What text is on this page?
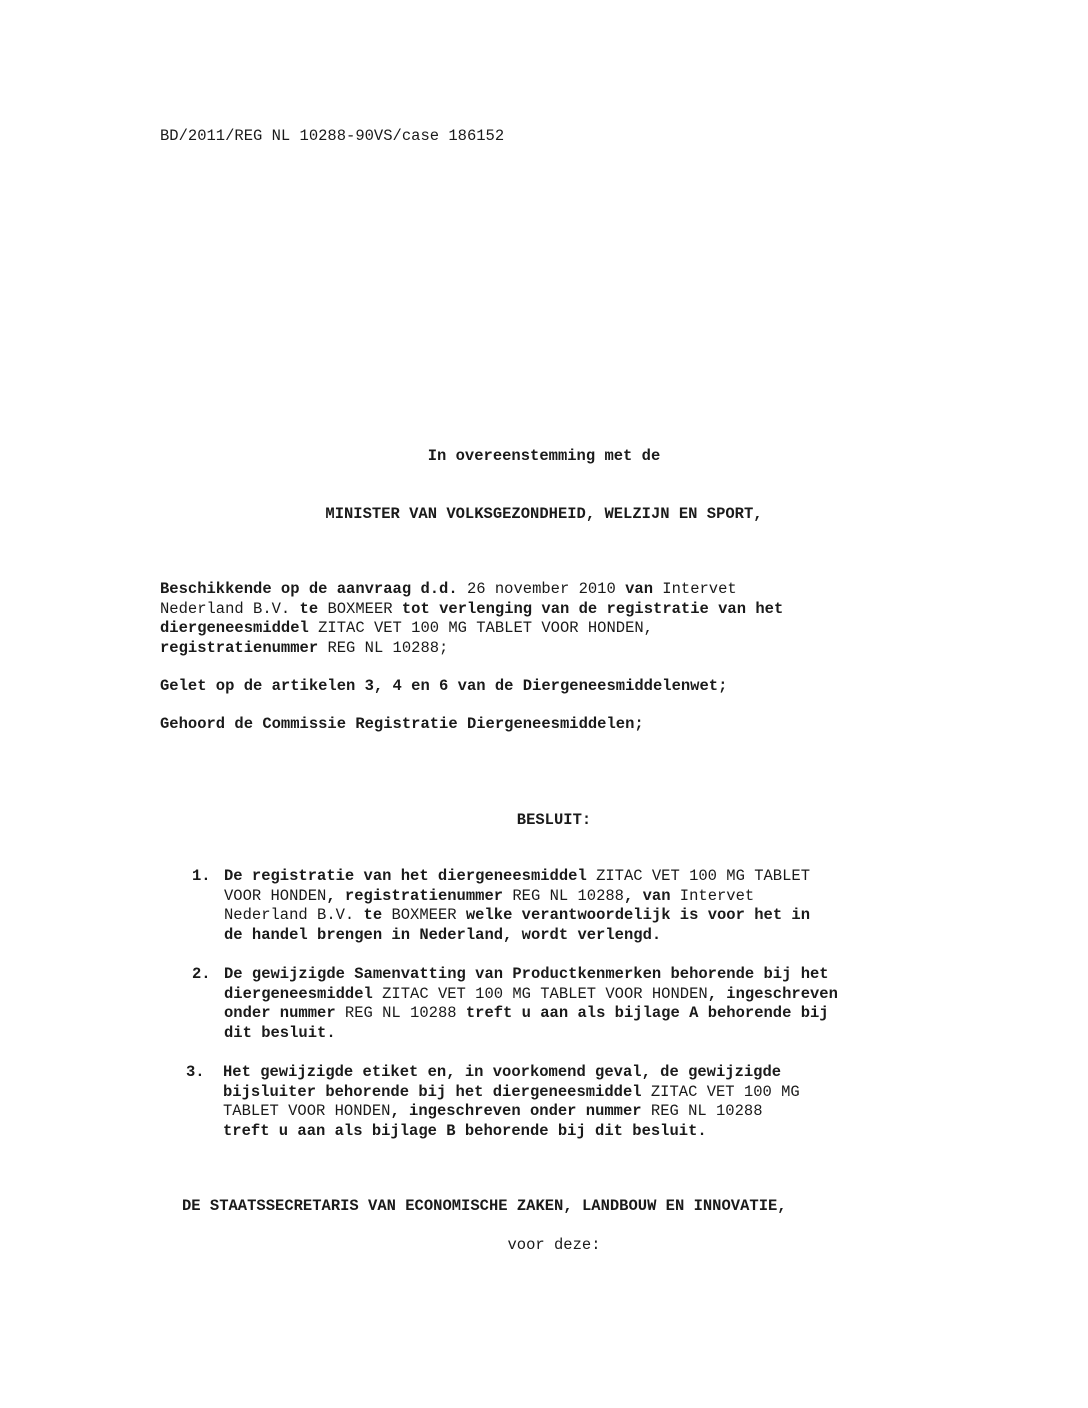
BD/2011/REG NL 10288-90VS/case 186152
In overeenstemming met de
MINISTER VAN VOLKSGEZONDHEID, WELZIJN EN SPORT,
Beschikkende op de aanvraag d.d. 26 november 2010 van Intervet
Nederland B.V. te BOXMEER tot verlenging van de registratie van het
diergeneesmiddel ZITAC VET 100 MG TABLET VOOR HONDEN,
registratienummer REG NL 10288;
Gelet op de artikelen 3, 4 en 6 van de Diergeneesmiddelenwet;
Gehoord de Commissie Registratie Diergeneesmiddelen;
BESLUIT:
1. De registratie van het diergeneesmiddel ZITAC VET 100 MG TABLET
VOOR HONDEN, registratienummer REG NL 10288, van Intervet
Nederland B.V. te BOXMEER welke verantwoordelijk is voor het in
de handel brengen in Nederland, wordt verlengd.
2. De gewijzigde Samenvatting van Productkenmerken behorende bij het
diergeneesmiddel ZITAC VET 100 MG TABLET VOOR HONDEN, ingeschreven
onder nummer REG NL 10288 treft u aan als bijlage A behorende bij
dit besluit.
3. Het gewijzigde etiket en, in voorkomend geval, de gewijzigde
bijsluiter behorende bij het diergeneesmiddel ZITAC VET 100 MG
TABLET VOOR HONDEN, ingeschreven onder nummer REG NL 10288
treft u aan als bijlage B behorende bij dit besluit.
DE STAATSSECRETARIS VAN ECONOMISCHE ZAKEN, LANDBOUW EN INNOVATIE,
voor deze:
